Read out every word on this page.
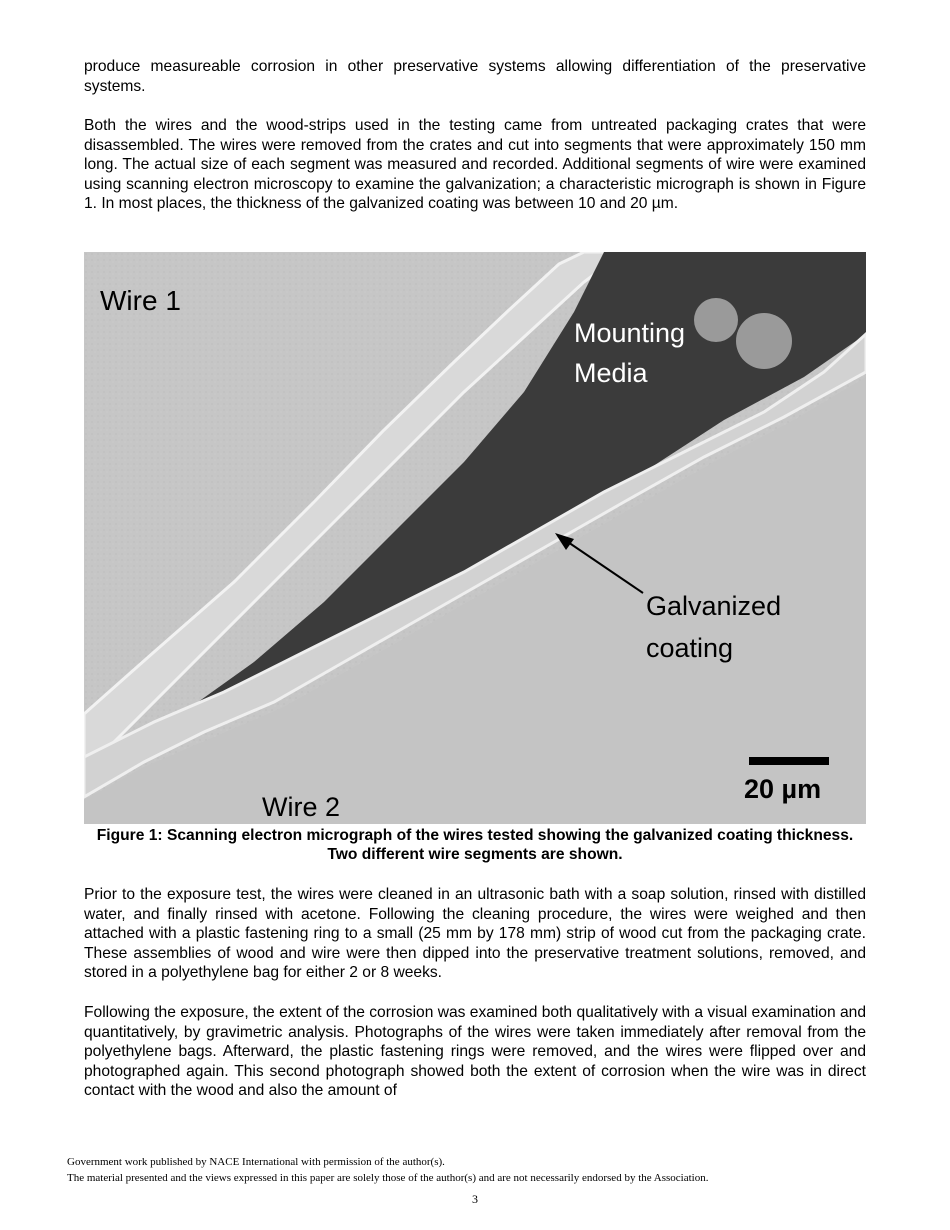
produce measureable corrosion in other preservative systems allowing differentiation of the preservative systems.

Both the wires and the wood-strips used in the testing came from untreated packaging crates that were disassembled. The wires were removed from the crates and cut into segments that were approximately 150 mm long. The actual size of each segment was measured and recorded. Additional segments of wire were examined using scanning electron microscopy to examine the galvanization; a characteristic micrograph is shown in Figure 1. In most places, the thickness of the galvanized coating was between 10 and 20 µm.

Wire 1
Mounting
Media
Galvanized
coating
20 µm
Wire 2

Figure 1: Scanning electron micrograph of the wires tested showing the galvanized coating thickness. Two different wire segments are shown.

Prior to the exposure test, the wires were cleaned in an ultrasonic bath with a soap solution, rinsed with distilled water, and finally rinsed with acetone. Following the cleaning procedure, the wires were weighed and then attached with a plastic fastening ring to a small (25 mm by 178 mm) strip of wood cut from the packaging crate. These assemblies of wood and wire were then dipped into the preservative treatment solutions, removed, and stored in a polyethylene bag for either 2 or 8 weeks.

Following the exposure, the extent of the corrosion was examined both qualitatively with a visual examination and quantitatively, by gravimetric analysis. Photographs of the wires were taken immediately after removal from the polyethylene bags. Afterward, the plastic fastening rings were removed, and the wires were flipped over and photographed again. This second photograph showed both the extent of corrosion when the wire was in direct contact with the wood and also the amount of

Government work published by NACE International with permission of the author(s).

The material presented and the views expressed in this paper are solely those of the author(s) and are not necessarily endorsed by the Association.

3
